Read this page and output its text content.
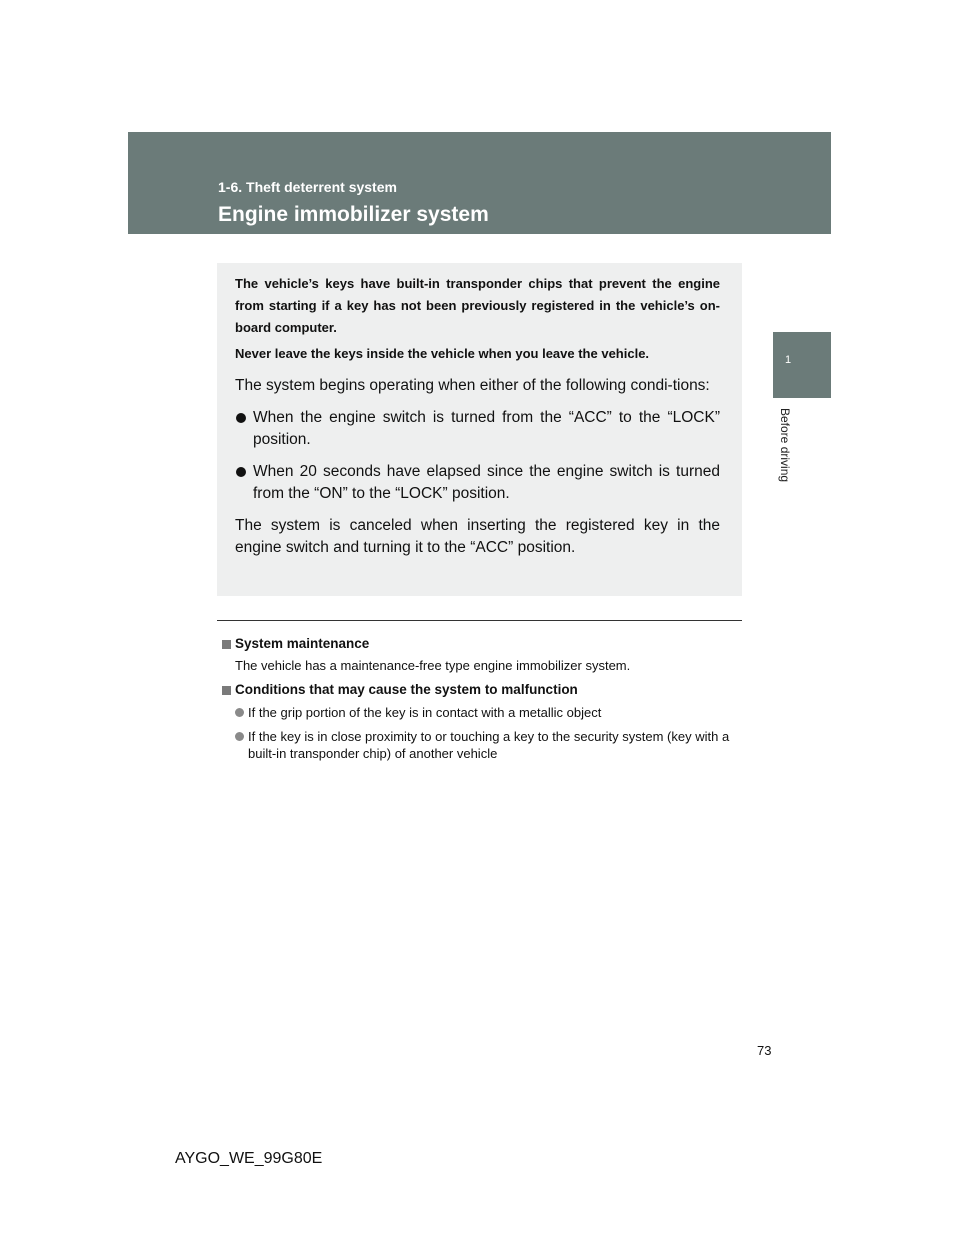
1-6. Theft deterrent system
Engine immobilizer system
1
Before driving

The vehicle’s keys have built-in transponder chips that prevent the engine from starting if a key has not been previously registered in the vehicle’s on-board computer.

Never leave the keys inside the vehicle when you leave the vehicle.

The system begins operating when either of the following condi-tions:

When the engine switch is turned from the “ACC” to the “LOCK” position.
When 20 seconds have elapsed since the engine switch is turned from the “ON” to the “LOCK” position.

The system is canceled when inserting the registered key in the engine switch and turning it to the “ACC” position.

System maintenance
The vehicle has a maintenance-free type engine immobilizer system.
Conditions that may cause the system to malfunction
If the grip portion of the key is in contact with a metallic object
If the key is in close proximity to or touching a key to the security system (key with a built-in transponder chip) of another vehicle
73
AYGO_WE_99G80E
